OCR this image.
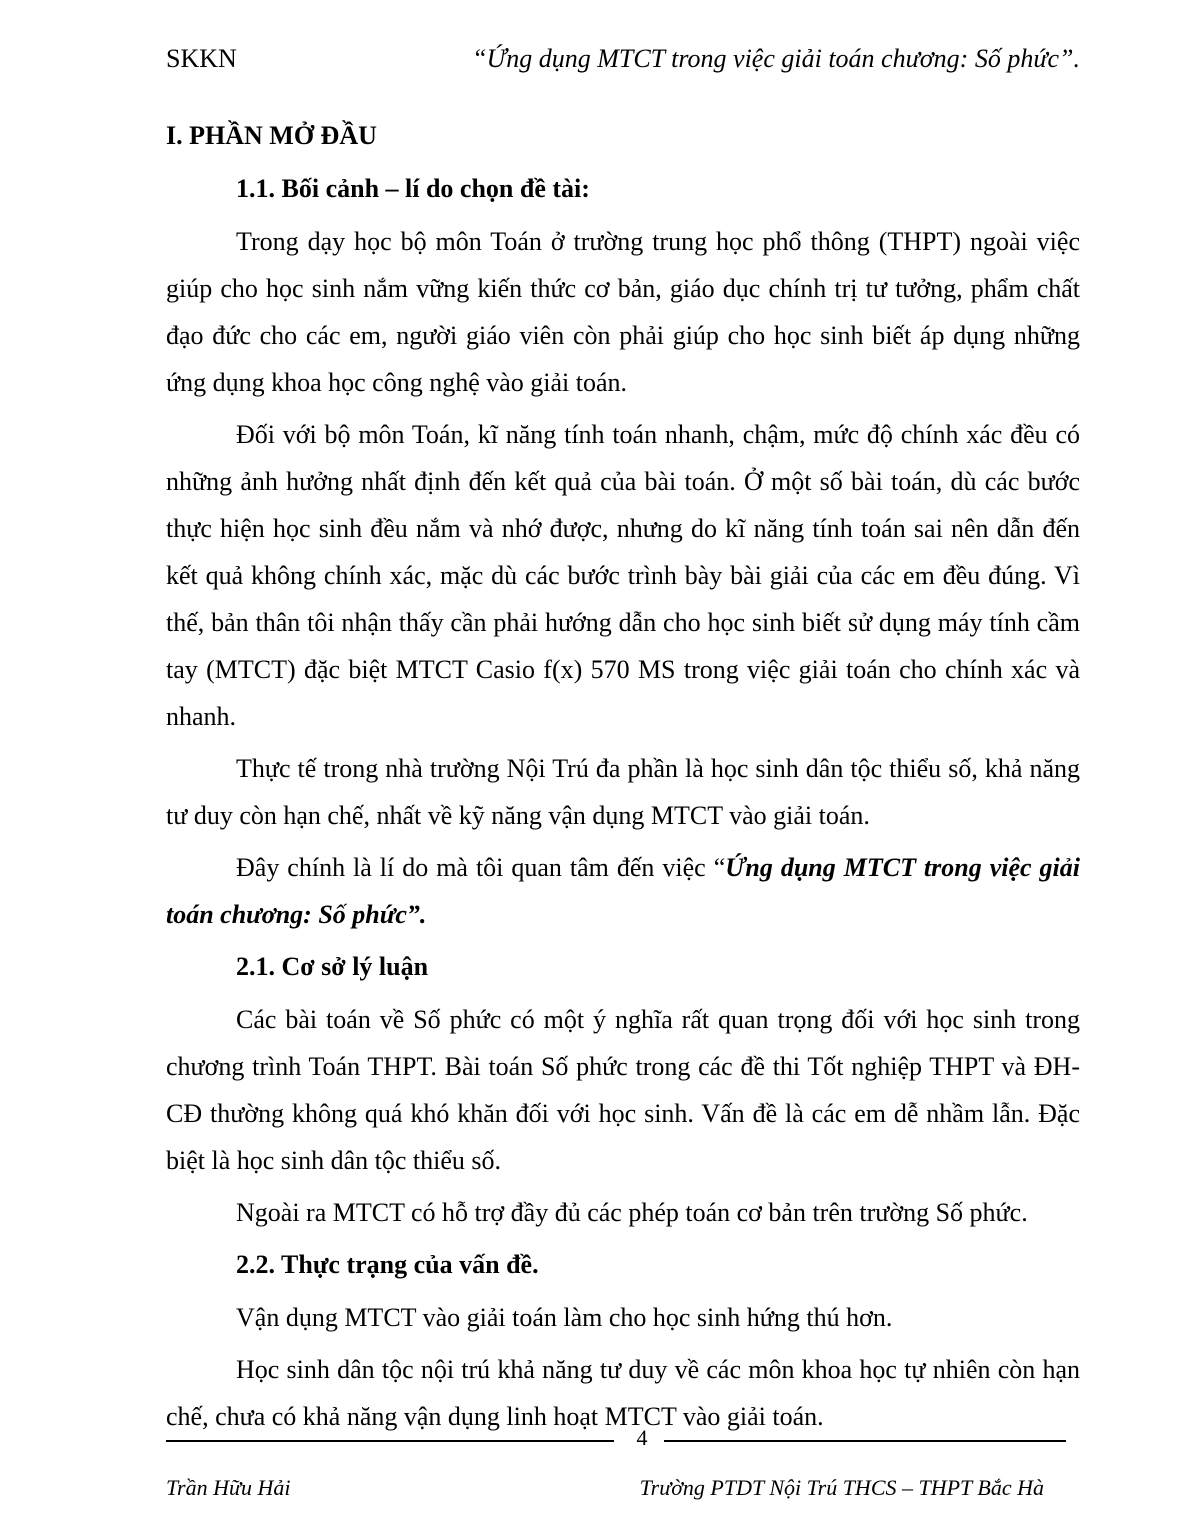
SKKN	“Ứng dụng MTCT trong việc giải toán chương: Số phức”.
I. PHẦN MỞ ĐẦU
1.1. Bối cảnh – lí do chọn đề tài:

Trong dạy học bộ môn Toán ở trường trung học phổ thông (THPT) ngoài việc giúp cho học sinh nắm vững kiến thức cơ bản, giáo dục chính trị tư tưởng, phẩm chất đạo đức cho các em, người giáo viên còn phải giúp cho học sinh biết áp dụng những ứng dụng khoa học công nghệ vào giải toán.

Đối với bộ môn Toán, kĩ năng tính toán nhanh, chậm, mức độ chính xác đều có những ảnh hưởng nhất định đến kết quả của bài toán. Ở một số bài toán, dù các bước thực hiện học sinh đều nắm và nhớ được, nhưng do kĩ năng tính toán sai nên dẫn đến kết quả không chính xác, mặc dù các bước trình bày bài giải của các em đều đúng. Vì thế, bản thân tôi nhận thấy cần phải hướng dẫn cho học sinh biết sử dụng máy tính cầm tay (MTCT) đặc biệt MTCT Casio f(x) 570 MS trong việc giải toán cho chính xác và nhanh.

Thực tế trong nhà trường Nội Trú đa phần là học sinh dân tộc thiểu số, khả năng tư duy còn hạn chế, nhất về kỹ năng vận dụng MTCT vào giải toán.

Đây chính là lí do mà tôi quan tâm đến việc “Ứng dụng MTCT trong việc giải toán chương: Số phức”.

2.1. Cơ sở lý luận

Các bài toán về Số phức có một ý nghĩa rất quan trọng đối với học sinh trong chương trình Toán THPT. Bài toán Số phức trong các đề thi Tốt nghiệp THPT và ĐH-CĐ thường không quá khó khăn đối với học sinh. Vấn đề là các em dễ nhầm lẫn. Đặc biệt là học sinh dân tộc thiểu số.

Ngoài ra MTCT có hỗ trợ đầy đủ các phép toán cơ bản trên trường Số phức.

2.2. Thực trạng của vấn đề.

Vận dụng MTCT vào giải toán làm cho học sinh hứng thú hơn.

Học sinh dân tộc nội trú khả năng tư duy về các môn khoa học tự nhiên còn hạn chế, chưa có khả năng vận dụng linh hoạt MTCT vào giải toán.

4
Trần Hữu Hải	Trường PTDT Nội Trú THCS – THPT Bắc Hà
